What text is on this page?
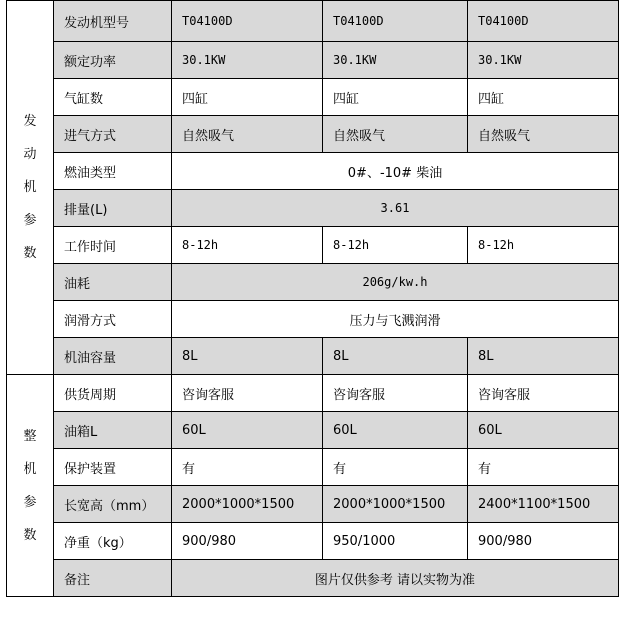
发动机参数	发动机型号	T04100D	T04100D	T04100D
	额定功率	30.1KW	30.1KW	30.1KW
	气缸数	四缸	四缸	四缸
	进气方式	自然吸气	自然吸气	自然吸气
	燃油类型	0#、-10# 柴油		
	排量(L)	3.61		
	工作时间	8-12h	8-12h	8-12h
	油耗	206g/kw.h		
	润滑方式	压力与飞溅润滑		
	机油容量	8L	8L	8L
整机参数	供货周期	咨询客服	咨询客服	咨询客服
	油箱L	60L	60L	60L
	保护装置	有	有	有
	长宽高（mm）	2000*1000*1500	2000*1000*1500	2400*1100*1500
	净重（kg）	900/980	950/1000	900/980
	备注	图片仅供参考 请以实物为准		
